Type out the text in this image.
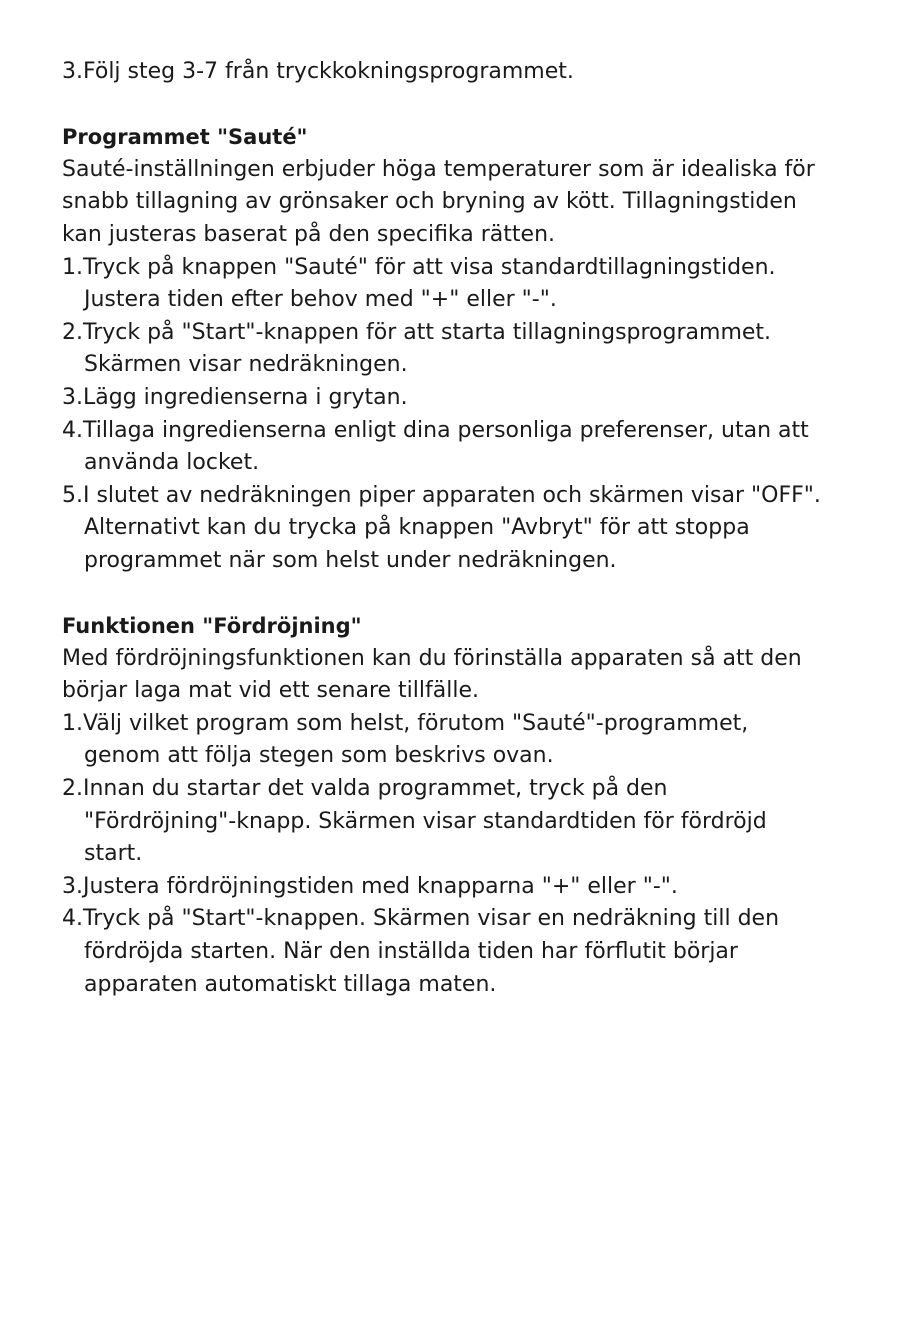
3.Följ steg 3-7 från tryckkokningsprogrammet.
Programmet "Sauté"
Sauté-inställningen erbjuder höga temperaturer som är idealiska för
snabb tillagning av grönsaker och bryning av kött. Tillagningstiden
kan justeras baserat på den specifika rätten.
1.Tryck på knappen "Sauté" för att visa standardtillagningstiden.
Justera tiden efter behov med "+" eller "-".
2.Tryck på "Start"-knappen för att starta tillagningsprogrammet.
Skärmen visar nedräkningen.
3.Lägg ingredienserna i grytan.
4.Tillaga ingredienserna enligt dina personliga preferenser, utan att
använda locket.
5.I slutet av nedräkningen piper apparaten och skärmen visar "OFF".
Alternativt kan du trycka på knappen "Avbryt" för att stoppa
programmet när som helst under nedräkningen.
Funktionen "Fördröjning"
Med fördröjningsfunktionen kan du förinställa apparaten så att den
börjar laga mat vid ett senare tillfälle.
1.Välj vilket program som helst, förutom "Sauté"-programmet,
genom att följa stegen som beskrivs ovan.
2.Innan du startar det valda programmet, tryck på den
"Fördröjning"-knapp. Skärmen visar standardtiden för fördröjd
start.
3.Justera fördröjningstiden med knapparna "+" eller "-".
4.Tryck på "Start"-knappen. Skärmen visar en nedräkning till den
fördröjda starten. När den inställda tiden har förflutit börjar
apparaten automatiskt tillaga maten.
